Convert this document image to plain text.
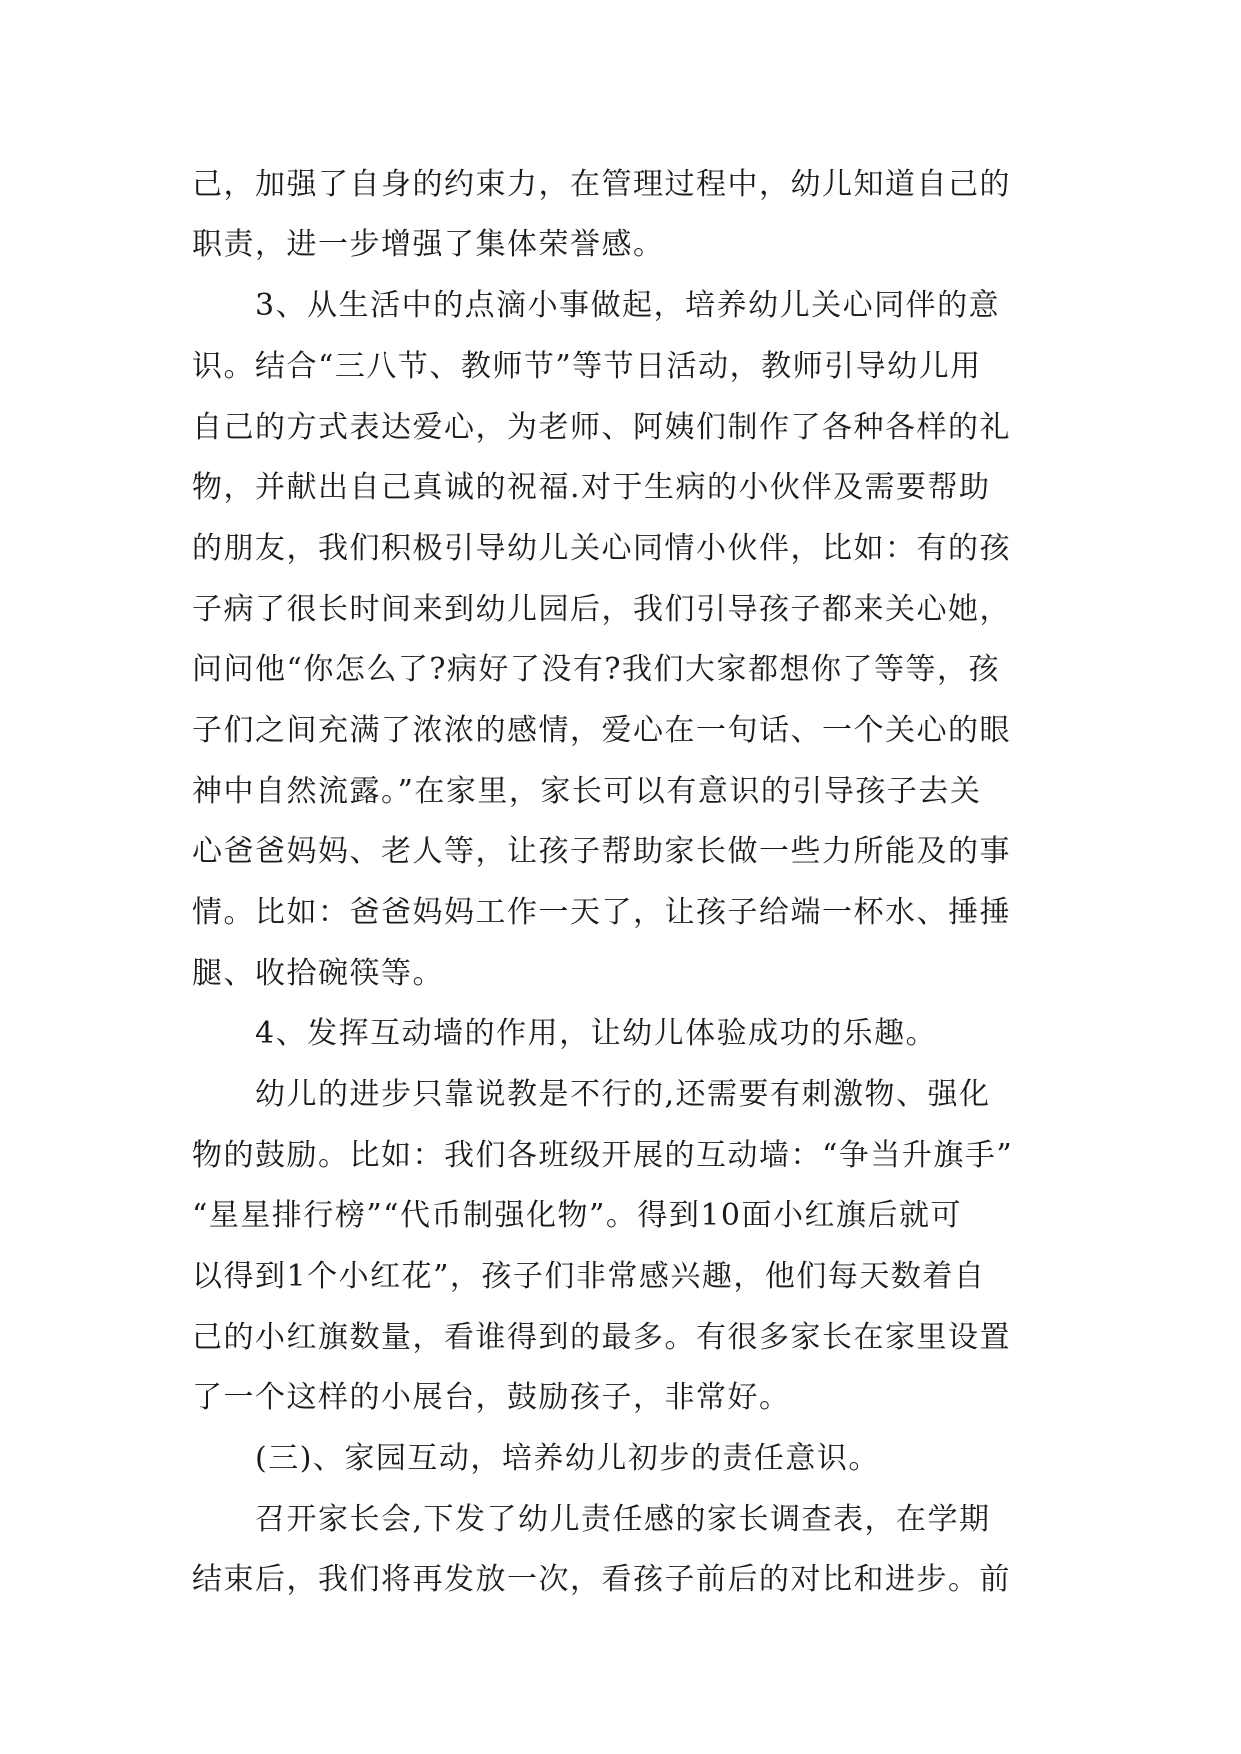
己，加强了自身的约束力，在管理过程中，幼儿知道自己的
职责，进一步增强了集体荣誉感。
3、从生活中的点滴小事做起，培养幼儿关心同伴的意
识。结合“三八节、教师节”等节日活动，教师引导幼儿用
自己的方式表达爱心，为老师、阿姨们制作了各种各样的礼
物，并献出自己真诚的祝福.对于生病的小伙伴及需要帮助
的朋友，我们积极引导幼儿关心同情小伙伴，比如：有的孩
子病了很长时间来到幼儿园后，我们引导孩子都来关心她，
问问他“你怎么了?病好了没有?我们大家都想你了等等，孩
子们之间充满了浓浓的感情，爱心在一句话、一个关心的眼
神中自然流露。”在家里，家长可以有意识的引导孩子去关
心爸爸妈妈、老人等，让孩子帮助家长做一些力所能及的事
情。比如：爸爸妈妈工作一天了，让孩子给端一杯水、捶捶
腿、收拾碗筷等。
4、发挥互动墙的作用，让幼儿体验成功的乐趣。
幼儿的进步只靠说教是不行的,还需要有刺激物、强化
物的鼓励。比如：我们各班级开展的互动墙：“争当升旗手”
“星星排行榜”“代币制强化物”。得到10面小红旗后就可
以得到1个小红花”，孩子们非常感兴趣，他们每天数着自
己的小红旗数量，看谁得到的最多。有很多家长在家里设置
了一个这样的小展台，鼓励孩子，非常好。
(三)、家园互动，培养幼儿初步的责任意识。
召开家长会,下发了幼儿责任感的家长调查表，在学期
结束后，我们将再发放一次，看孩子前后的对比和进步。前
